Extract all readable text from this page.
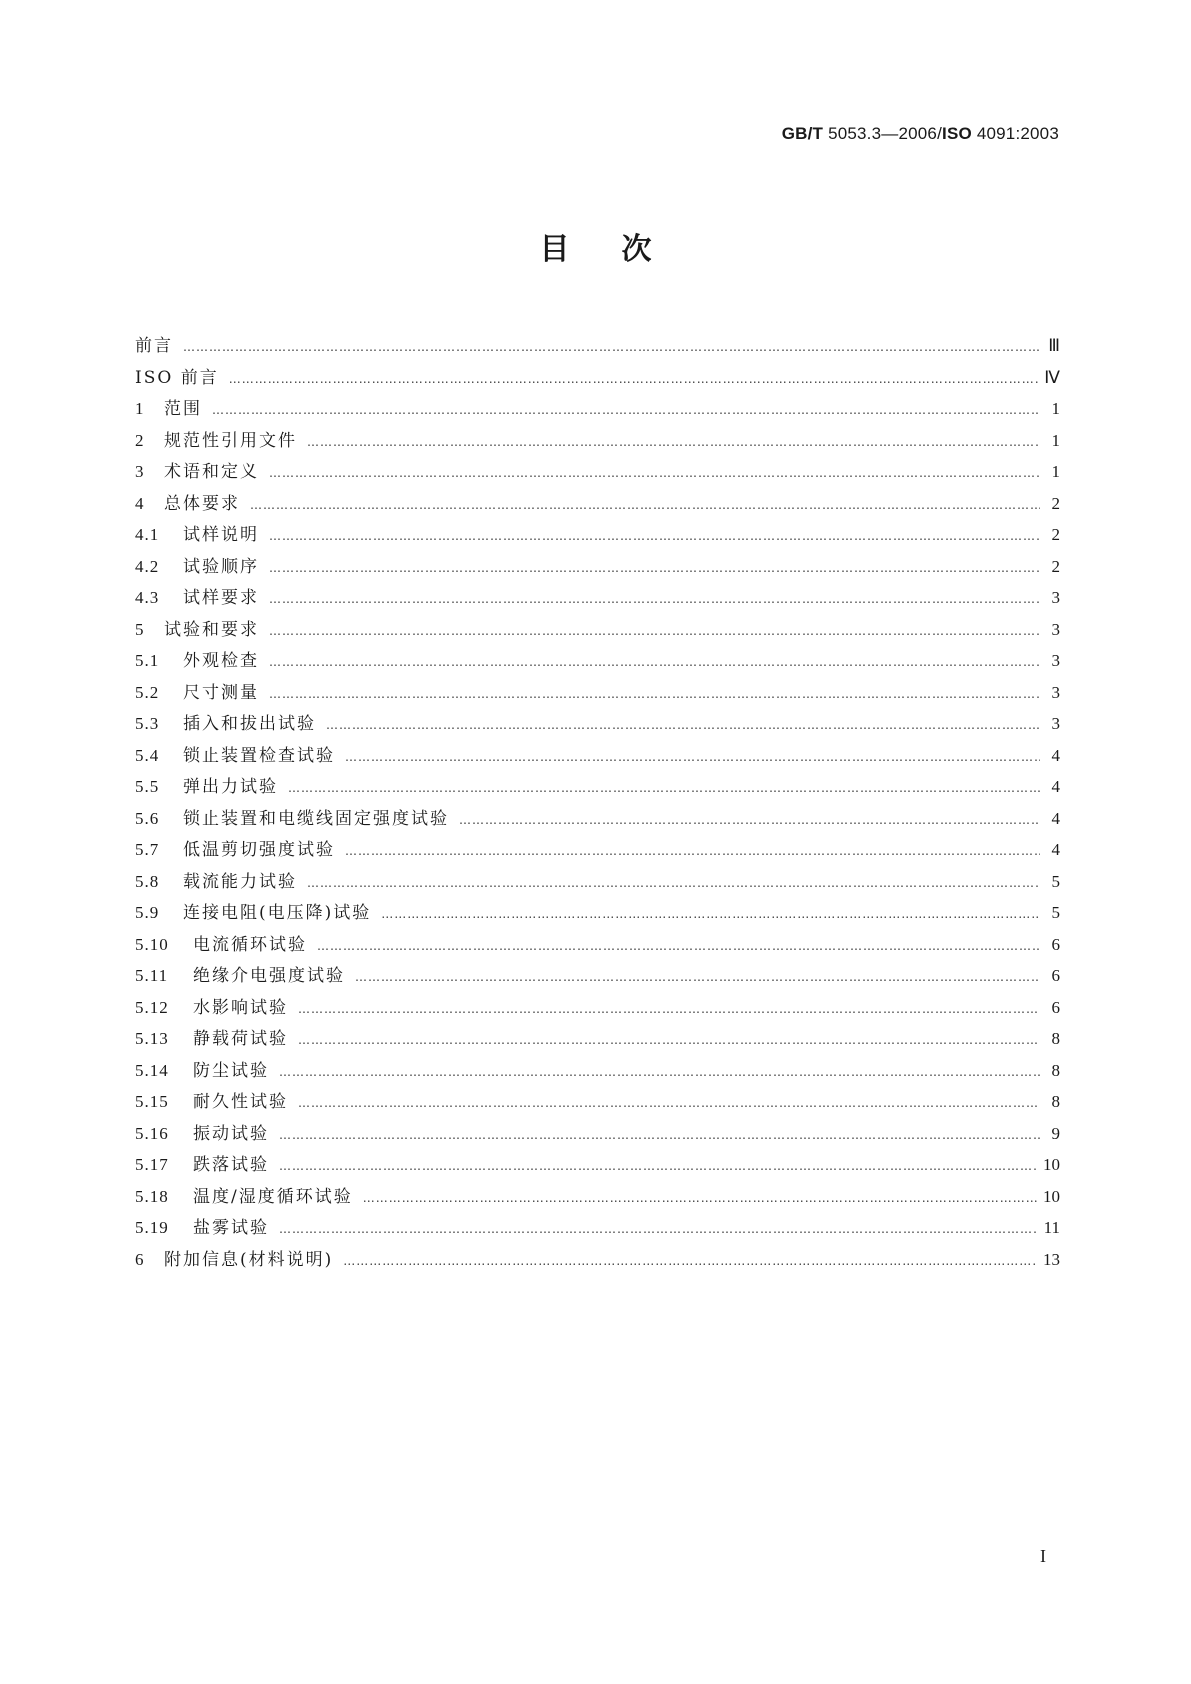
GB/T 5053.3—2006/ISO 4091:2003
目 次
前言 …………………………………………………………………………………………………………………………………………………………………………………………………………………………………………………………	Ⅲ
ISO 前言 …………………………………………………………………………………………………………………………………………………………………………………………………………………………………………………………	Ⅳ
1	范围 …………………………………………………………………………………………………………………………………………………………………………………………………………………………………………………………	1
2	规范性引用文件 …………………………………………………………………………………………………………………………………………………………………………………………………………………………………………………………	1
3	术语和定义 …………………………………………………………………………………………………………………………………………………………………………………………………………………………………………………………	1
4	总体要求 …………………………………………………………………………………………………………………………………………………………………………………………………………………………………………………………	2
4.1	试样说明 …………………………………………………………………………………………………………………………………………………………………………………………………………………………………………………………	2
4.2	试验顺序 …………………………………………………………………………………………………………………………………………………………………………………………………………………………………………………………	2
4.3	试样要求 …………………………………………………………………………………………………………………………………………………………………………………………………………………………………………………………	3
5	试验和要求 …………………………………………………………………………………………………………………………………………………………………………………………………………………………………………………………	3
5.1	外观检查 …………………………………………………………………………………………………………………………………………………………………………………………………………………………………………………………	3
5.2	尺寸测量 …………………………………………………………………………………………………………………………………………………………………………………………………………………………………………………………	3
5.3	插入和拔出试验 …………………………………………………………………………………………………………………………………………………………………………………………………………………………………………………………	3
5.4	锁止装置检查试验 …………………………………………………………………………………………………………………………………………………………………………………………………………………………………………………………	4
5.5	弹出力试验 …………………………………………………………………………………………………………………………………………………………………………………………………………………………………………………………	4
5.6	锁止装置和电缆线固定强度试验 …………………………………………………………………………………………………………………………………………………………………………………………………………………………………………………………	4
5.7	低温剪切强度试验 …………………………………………………………………………………………………………………………………………………………………………………………………………………………………………………………	4
5.8	载流能力试验 …………………………………………………………………………………………………………………………………………………………………………………………………………………………………………………………	5
5.9	连接电阻(电压降)试验 …………………………………………………………………………………………………………………………………………………………………………………………………………………………………………………………	5
5.10	电流循环试验 …………………………………………………………………………………………………………………………………………………………………………………………………………………………………………………………	6
5.11	绝缘介电强度试验 …………………………………………………………………………………………………………………………………………………………………………………………………………………………………………………………	6
5.12	水影响试验 …………………………………………………………………………………………………………………………………………………………………………………………………………………………………………………………	6
5.13	静载荷试验 …………………………………………………………………………………………………………………………………………………………………………………………………………………………………………………………	8
5.14	防尘试验 …………………………………………………………………………………………………………………………………………………………………………………………………………………………………………………………	8
5.15	耐久性试验 …………………………………………………………………………………………………………………………………………………………………………………………………………………………………………………………	8
5.16	振动试验 …………………………………………………………………………………………………………………………………………………………………………………………………………………………………………………………	9
5.17	跌落试验 …………………………………………………………………………………………………………………………………………………………………………………………………………………………………………………………	10
5.18	温度/湿度循环试验 …………………………………………………………………………………………………………………………………………………………………………………………………………………………………………………………	10
5.19	盐雾试验 …………………………………………………………………………………………………………………………………………………………………………………………………………………………………………………………	11
6	附加信息(材料说明) …………………………………………………………………………………………………………………………………………………………………………………………………………………………………………………………	13
I
